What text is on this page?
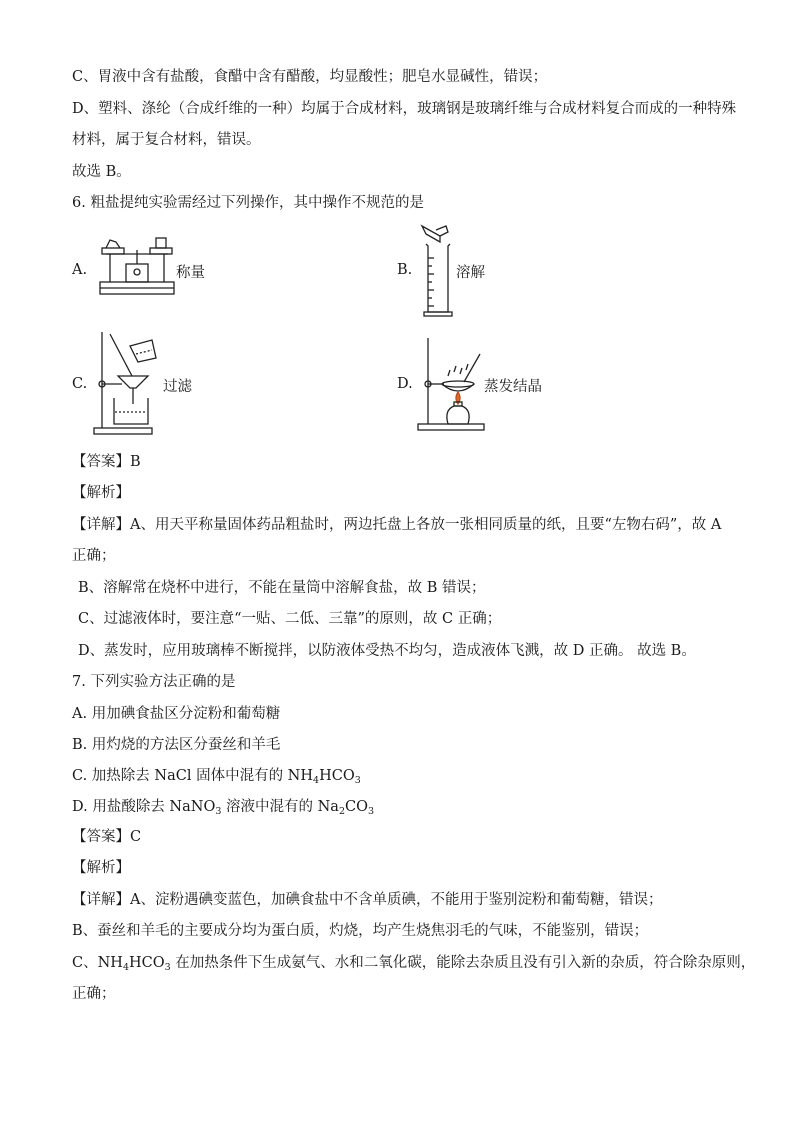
C、胃液中含有盐酸，食醋中含有醋酸，均显酸性；肥皂水显碱性，错误；
D、塑料、涤纶（合成纤维的一种）均属于合成材料，玻璃钢是玻璃纤维与合成材料复合而成的一种特殊
材料，属于复合材料，错误。
故选 B。
6. 粗盐提纯实验需经过下列操作，其中操作不规范的是
A.	称量	B.	溶解
C.	过滤	D.	蒸发结晶
【答案】B
【解析】
【详解】A、用天平称量固体药品粗盐时，两边托盘上各放一张相同质量的纸，且要“左物右码”，故 A
正确；
B、溶解常在烧杯中进行，不能在量筒中溶解食盐，故 B 错误；
C、过滤液体时，要注意“一贴、二低、三靠”的原则，故 C 正确；
D、蒸发时，应用玻璃棒不断搅拌，以防液体受热不均匀，造成液体飞溅，故 D 正确。 故选 B。
7. 下列实验方法正确的是
A. 用加碘食盐区分淀粉和葡萄糖
B. 用灼烧的方法区分蚕丝和羊毛
C. 加热除去 NaCl 固体中混有的 $NH_4HCO_3$
D. 用盐酸除去 NaNO$_3$ 溶液中混有的 $Na_2CO_3$
【答案】C
【解析】
【详解】A、淀粉遇碘变蓝色，加碘食盐中不含单质碘，不能用于鉴别淀粉和葡萄糖，错误；
B、蚕丝和羊毛的主要成分均为蛋白质，灼烧，均产生烧焦羽毛的气味，不能鉴别，错误；
C、$NH_4HCO_3$ 在加热条件下生成氨气、水和二氧化碳，能除去杂质且没有引入新的杂质，符合除杂原则，
正确；
